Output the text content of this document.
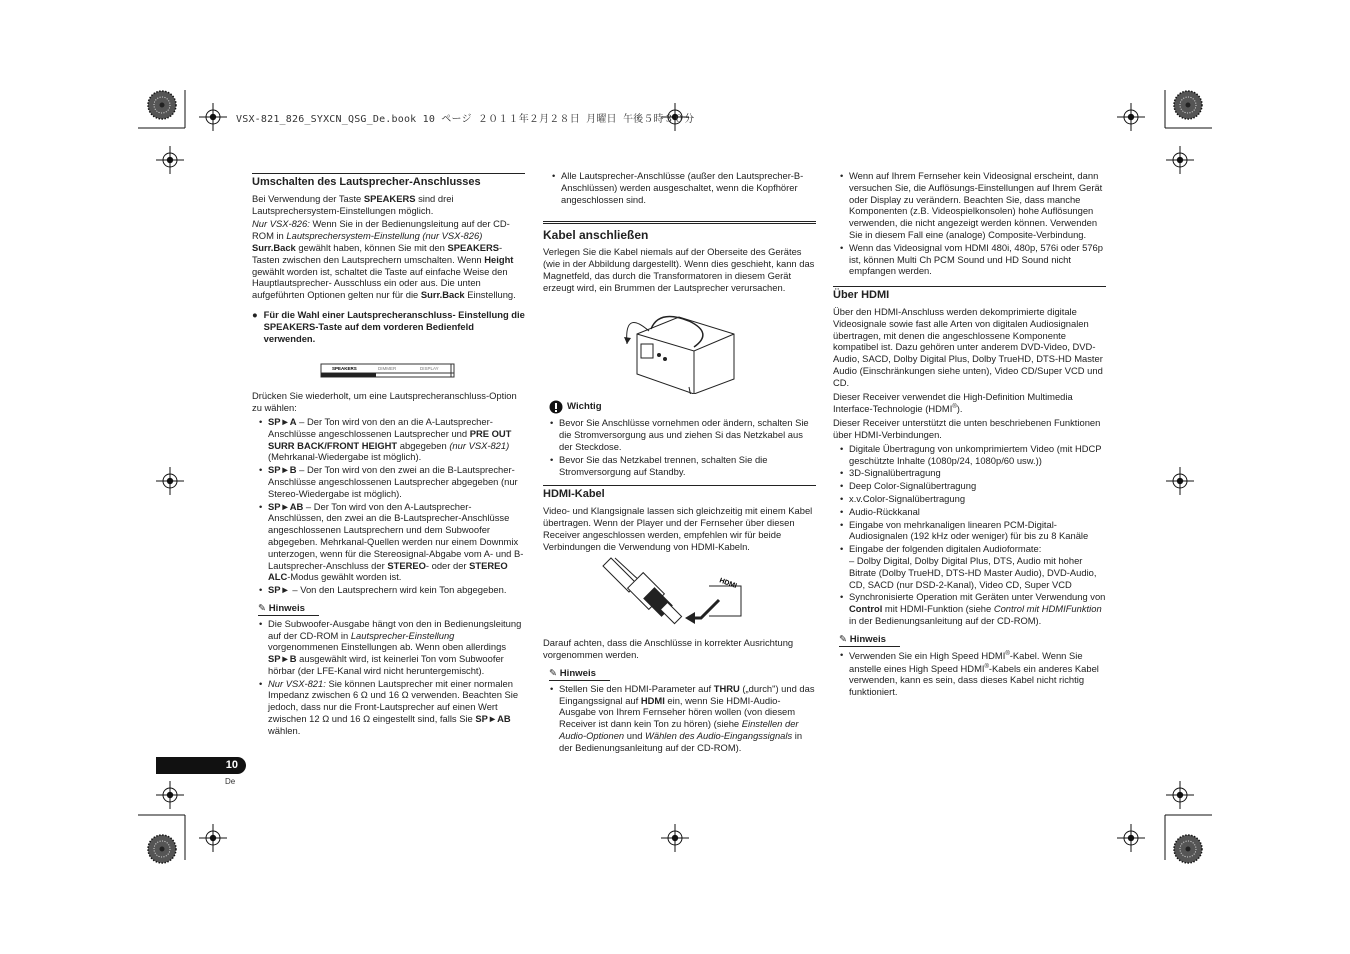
VSX-821_826_SYXCN_QSG_De.book 10 ページ ２０１１年２月２８日 月曜日 午後５時３０分
Umschalten des Lautsprecher-Anschlusses

Bei Verwendung der Taste SPEAKERS sind drei Lautsprechersystem-Einstellungen möglich.

Nur VSX-826: Wenn Sie in der Bedienungsleitung auf der CD-ROM in Lautsprechersystem-Einstellung (nur VSX-826)

Surr.Back gewählt haben, können Sie mit den SPEAKERS-Tasten zwischen den Lautsprechern umschalten. Wenn Height gewählt worden ist, schaltet die Taste auf einfache Weise den Hauptlautsprecher- Ausschluss ein oder aus. Die unten aufgeführten Optionen gelten nur für die Surr.Back Einstellung.

● Für die Wahl einer Lautsprecheranschluss- Einstellung die SPEAKERS-Taste auf dem vorderen Bedienfeld verwenden.
SPEAKERS	DIMMER	DISPLAY

Drücken Sie wiederholt, um eine Lautsprecheranschluss-Option zu wählen:

• SP►A – Der Ton wird von den an die A-Lautsprecher-Anschlüsse angeschlossenen Lautsprecher und PRE OUT SURR BACK/FRONT HEIGHT abgegeben (nur VSX-821) (Mehrkanal-Wiedergabe ist möglich).
• SP►B – Der Ton wird von den zwei an die B-Lautsprecher-Anschlüsse angeschlossenen Lautsprecher abgegeben (nur Stereo-Wiedergabe ist möglich).
• SP►AB – Der Ton wird von den A-Lautsprecher-Anschlüssen, den zwei an die B-Lautsprecher-Anschlüsse angeschlossenen Lautsprechern und dem Subwoofer abgegeben. Mehrkanal-Quellen werden nur einem Downmix unterzogen, wenn für die Stereosignal-Abgabe vom A- und B-Lautsprecher-Anschluss der STEREO- oder der STEREO ALC-Modus gewählt worden ist.
• SP► – Von den Lautsprechern wird kein Ton abgegeben.
✎ Hinweis
• Die Subwoofer-Ausgabe hängt von den in Bedienungsleitung auf der CD-ROM in Lautsprecher-Einstellung vorgenommenen Einstellungen ab. Wenn oben allerdings SP►B ausgewählt wird, ist keinerlei Ton vom Subwoofer hörbar (der LFE-Kanal wird nicht heruntergemischt).
• Nur VSX-821: Sie können Lautsprecher mit einer normalen Impedanz zwischen 6 Ω und 16 Ω verwenden. Beachten Sie jedoch, dass nur die Front-Lautsprecher auf einen Wert zwischen 12 Ω und 16 Ω eingestellt sind, falls Sie SP►AB wählen.
• Alle Lautsprecher-Anschlüsse (außer den Lautsprecher-B-Anschlüssen) werden ausgeschaltet, wenn die Kopfhörer angeschlossen sind.
Kabel anschließen

Verlegen Sie die Kabel niemals auf der Oberseite des Gerätes (wie in der Abbildung dargestellt). Wenn dies geschieht, kann das Magnetfeld, das durch die Transformatoren in diesem Gerät erzeugt wird, ein Brummen der Lautsprecher verursachen.

Wichtig
• Bevor Sie Anschlüsse vornehmen oder ändern, schalten Sie die Stromversorgung aus und ziehen Si das Netzkabel aus der Steckdose.
• Bevor Sie das Netzkabel trennen, schalten Sie die Stromversorgung auf Standby.
HDMI-Kabel

Video- und Klangsignale lassen sich gleichzeitig mit einem Kabel übertragen. Wenn der Player und der Fernseher über diesen Receiver angeschlossen werden, empfehlen wir für beide Verbindungen die Verwendung von HDMI-Kabeln.

HDMI

Darauf achten, dass die Anschlüsse in korrekter Ausrichtung vorgenommen werden.

✎ Hinweis
• Stellen Sie den HDMI-Parameter auf THRU („durch") und das Eingangssignal auf HDMI ein, wenn Sie HDMI-Audio-Ausgabe von Ihrem Fernseher hören wollen (von diesem Receiver ist dann kein Ton zu hören) (siehe Einstellen der Audio-Optionen und Wählen des Audio-Eingangssignals in der Bedienungsanleitung auf der CD-ROM).
• Wenn auf Ihrem Fernseher kein Videosignal erscheint, dann versuchen Sie, die Auflösungs-Einstellungen auf Ihrem Gerät oder Display zu verändern. Beachten Sie, dass manche Komponenten (z.B. Videospielkonsolen) hohe Auflösungen verwenden, die nicht angezeigt werden können. Verwenden Sie in diesem Fall eine (analoge) Composite-Verbindung.
• Wenn das Videosignal vom HDMI 480i, 480p, 576i oder 576p ist, können Multi Ch PCM Sound und HD Sound nicht empfangen werden.
Über HDMI

Über den HDMI-Anschluss werden dekomprimierte digitale Videosignale sowie fast alle Arten von digitalen Audiosignalen übertragen, mit denen die angeschlossene Komponente kompatibel ist. Dazu gehören unter anderem DVD-Video, DVD-Audio, SACD, Dolby Digital Plus, Dolby TrueHD, DTS-HD Master Audio (Einschränkungen siehe unten), Video CD/Super VCD und CD.

Dieser Receiver verwendet die High-Definition Multimedia Interface-Technologie (HDMI®).

Dieser Receiver unterstützt die unten beschriebenen Funktionen über HDMI-Verbindungen.

• Digitale Übertragung von unkomprimiertem Video (mit HDCP geschützte Inhalte (1080p/24, 1080p/60 usw.))
• 3D-Signalübertragung
• Deep Color-Signalübertragung
• x.v.Color-Signalübertragung
• Audio-Rückkanal
• Eingabe von mehrkanaligen linearen PCM-Digital-Audiosignalen (192 kHz oder weniger) für bis zu 8 Kanäle
• Eingabe der folgenden digitalen Audioformate:
– Dolby Digital, Dolby Digital Plus, DTS, Audio mit hoher Bitrate (Dolby TrueHD, DTS-HD Master Audio), DVD-Audio, CD, SACD (nur DSD-2-Kanal), Video CD, Super VCD
• Synchronisierte Operation mit Geräten unter Verwendung von Control mit HDMI-Funktion (siehe Control mit HDMIFunktion in der Bedienungsanleitung auf der CD-ROM).
✎ Hinweis
• Verwenden Sie ein High Speed HDMI®-Kabel. Wenn Sie anstelle eines High Speed HDMI®-Kabels ein anderes Kabel verwenden, kann es sein, dass dieses Kabel nicht richtig funktioniert.
10
De
